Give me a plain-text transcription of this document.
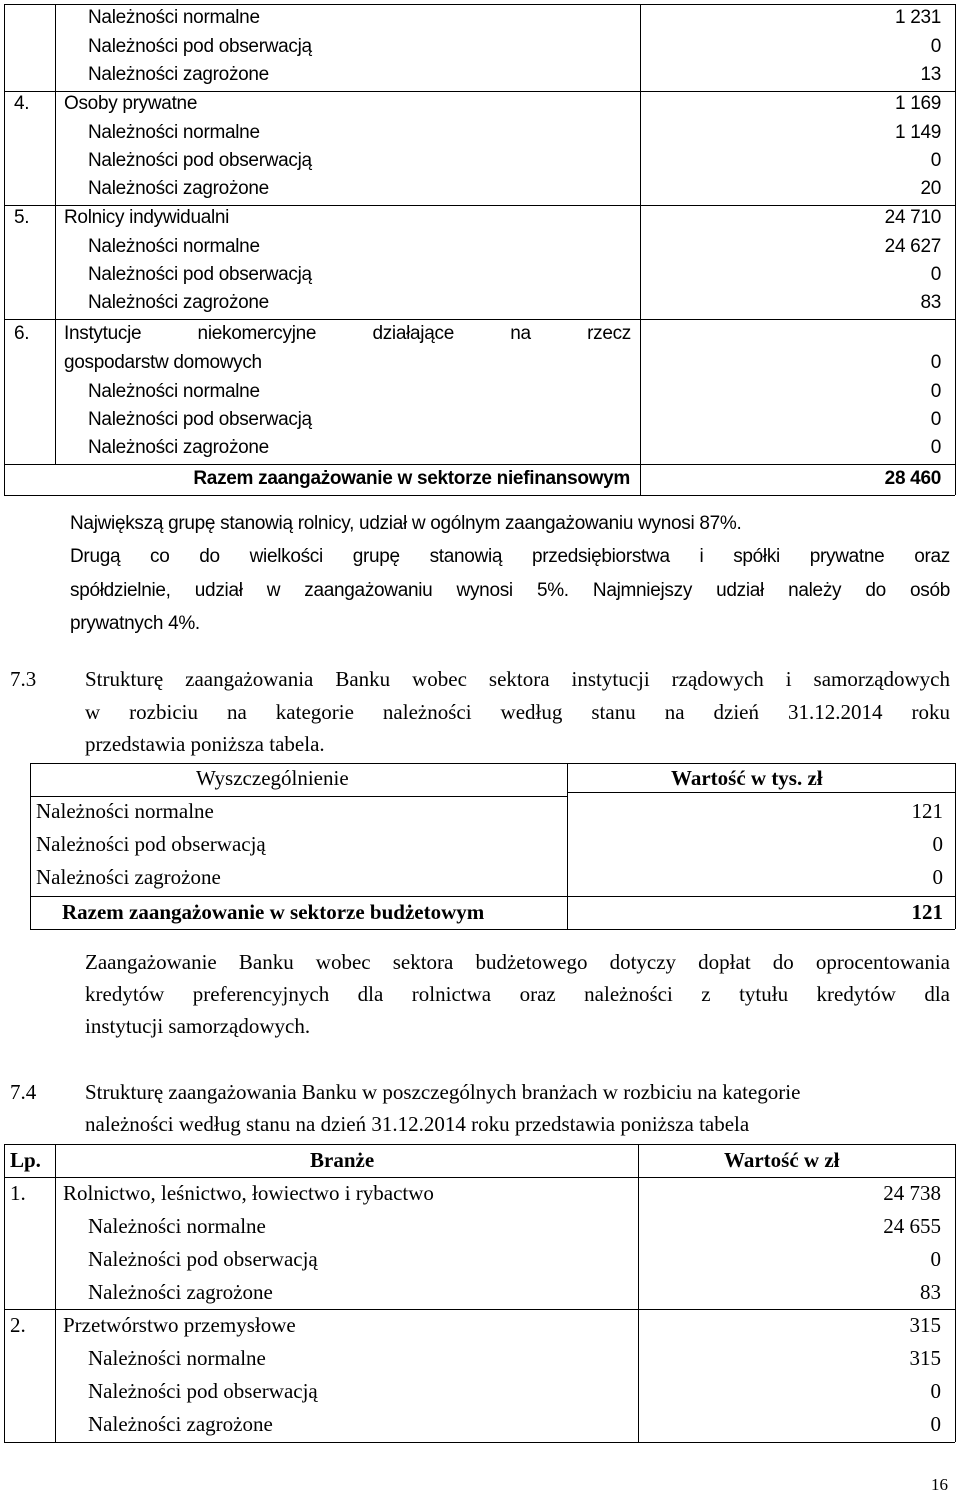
Należności normalne	1 231
Należności pod obserwacją	0
Należności zagrożone	13
4. Osoby prywatne	1 169
Należności normalne	1 149
Należności pod obserwacją	0
Należności zagrożone	20
5. Rolnicy indywidualni	24 710
Należności normalne	24 627
Należności pod obserwacją	0
Należności zagrożone	83
6. Instytucje niekomercyjne działające na rzecz
gospodarstw domowych	0
Należności normalne	0
Należności pod obserwacją	0
Należności zagrożone	0
Razem zaangażowanie w sektorze niefinansowym	28 460
Największą grupę stanowią rolnicy, udział w ogólnym zaangażowaniu wynosi 87%.
Drugą co do wielkości grupę stanowią przedsiębiorstwa i spółki prywatne oraz
spółdzielnie, udział w zaangażowaniu wynosi 5%. Najmniejszy udział należy do osób
prywatnych 4%.
7.3 Strukturę zaangażowania Banku wobec sektora instytucji rządowych i samorządowych
w rozbiciu na kategorie należności według stanu na dzień 31.12.2014 roku
przedstawia poniższa tabela.
Wyszczególnienie	Wartość w tys. zł
Należności normalne	121
Należności pod obserwacją	0
Należności zagrożone	0
Razem zaangażowanie w sektorze budżetowym	121
Zaangażowanie Banku wobec sektora budżetowego dotyczy dopłat do oprocentowania
kredytów preferencyjnych dla rolnictwa oraz należności z tytułu kredytów dla
instytucji samorządowych.
7.4 Strukturę zaangażowania Banku w poszczególnych branżach w rozbiciu na kategorie
należności według stanu na dzień 31.12.2014 roku przedstawia poniższa tabela
Lp.	Branże	Wartość w zł
1. Rolnictwo, leśnictwo, łowiectwo i rybactwo	24 738
Należności normalne	24 655
Należności pod obserwacją	0
Należności zagrożone	83
2. Przetwórstwo przemysłowe	315
Należności normalne	315
Należności pod obserwacją	0
Należności zagrożone	0
16
